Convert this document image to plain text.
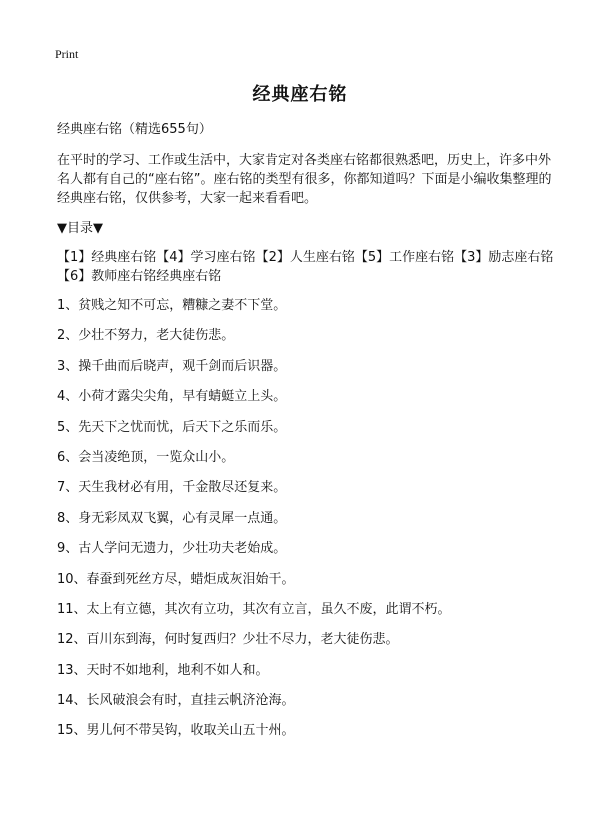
Print
经典座右铭
经典座右铭（精选655句）
在平时的学习、工作或生活中，大家肯定对各类座右铭都很熟悉吧，历史上，许多中外名人都有自己的“座右铭”。座右铭的类型有很多，你都知道吗？下面是小编收集整理的经典座右铭，仅供参考，大家一起来看看吧。
▼目录▼
【1】经典座右铭【4】学习座右铭【2】人生座右铭【5】工作座右铭【3】励志座右铭【6】教师座右铭经典座右铭
1、贫贱之知不可忘，糟糠之妻不下堂。
2、少壮不努力，老大徒伤悲。
3、操千曲而后晓声，观千剑而后识器。
4、小荷才露尖尖角，早有蜻蜓立上头。
5、先天下之忧而忧，后天下之乐而乐。
6、会当凌绝顶，一览众山小。
7、天生我材必有用，千金散尽还复来。
8、身无彩凤双飞翼，心有灵犀一点通。
9、古人学问无遗力，少壮功夫老始成。
10、春蚕到死丝方尽，蜡炬成灰泪始干。
11、太上有立德，其次有立功，其次有立言，虽久不废，此谓不朽。
12、百川东到海，何时复西归？少壮不尽力，老大徒伤悲。
13、天时不如地利，地利不如人和。
14、长风破浪会有时，直挂云帆济沧海。
15、男儿何不带吴钩，收取关山五十州。
